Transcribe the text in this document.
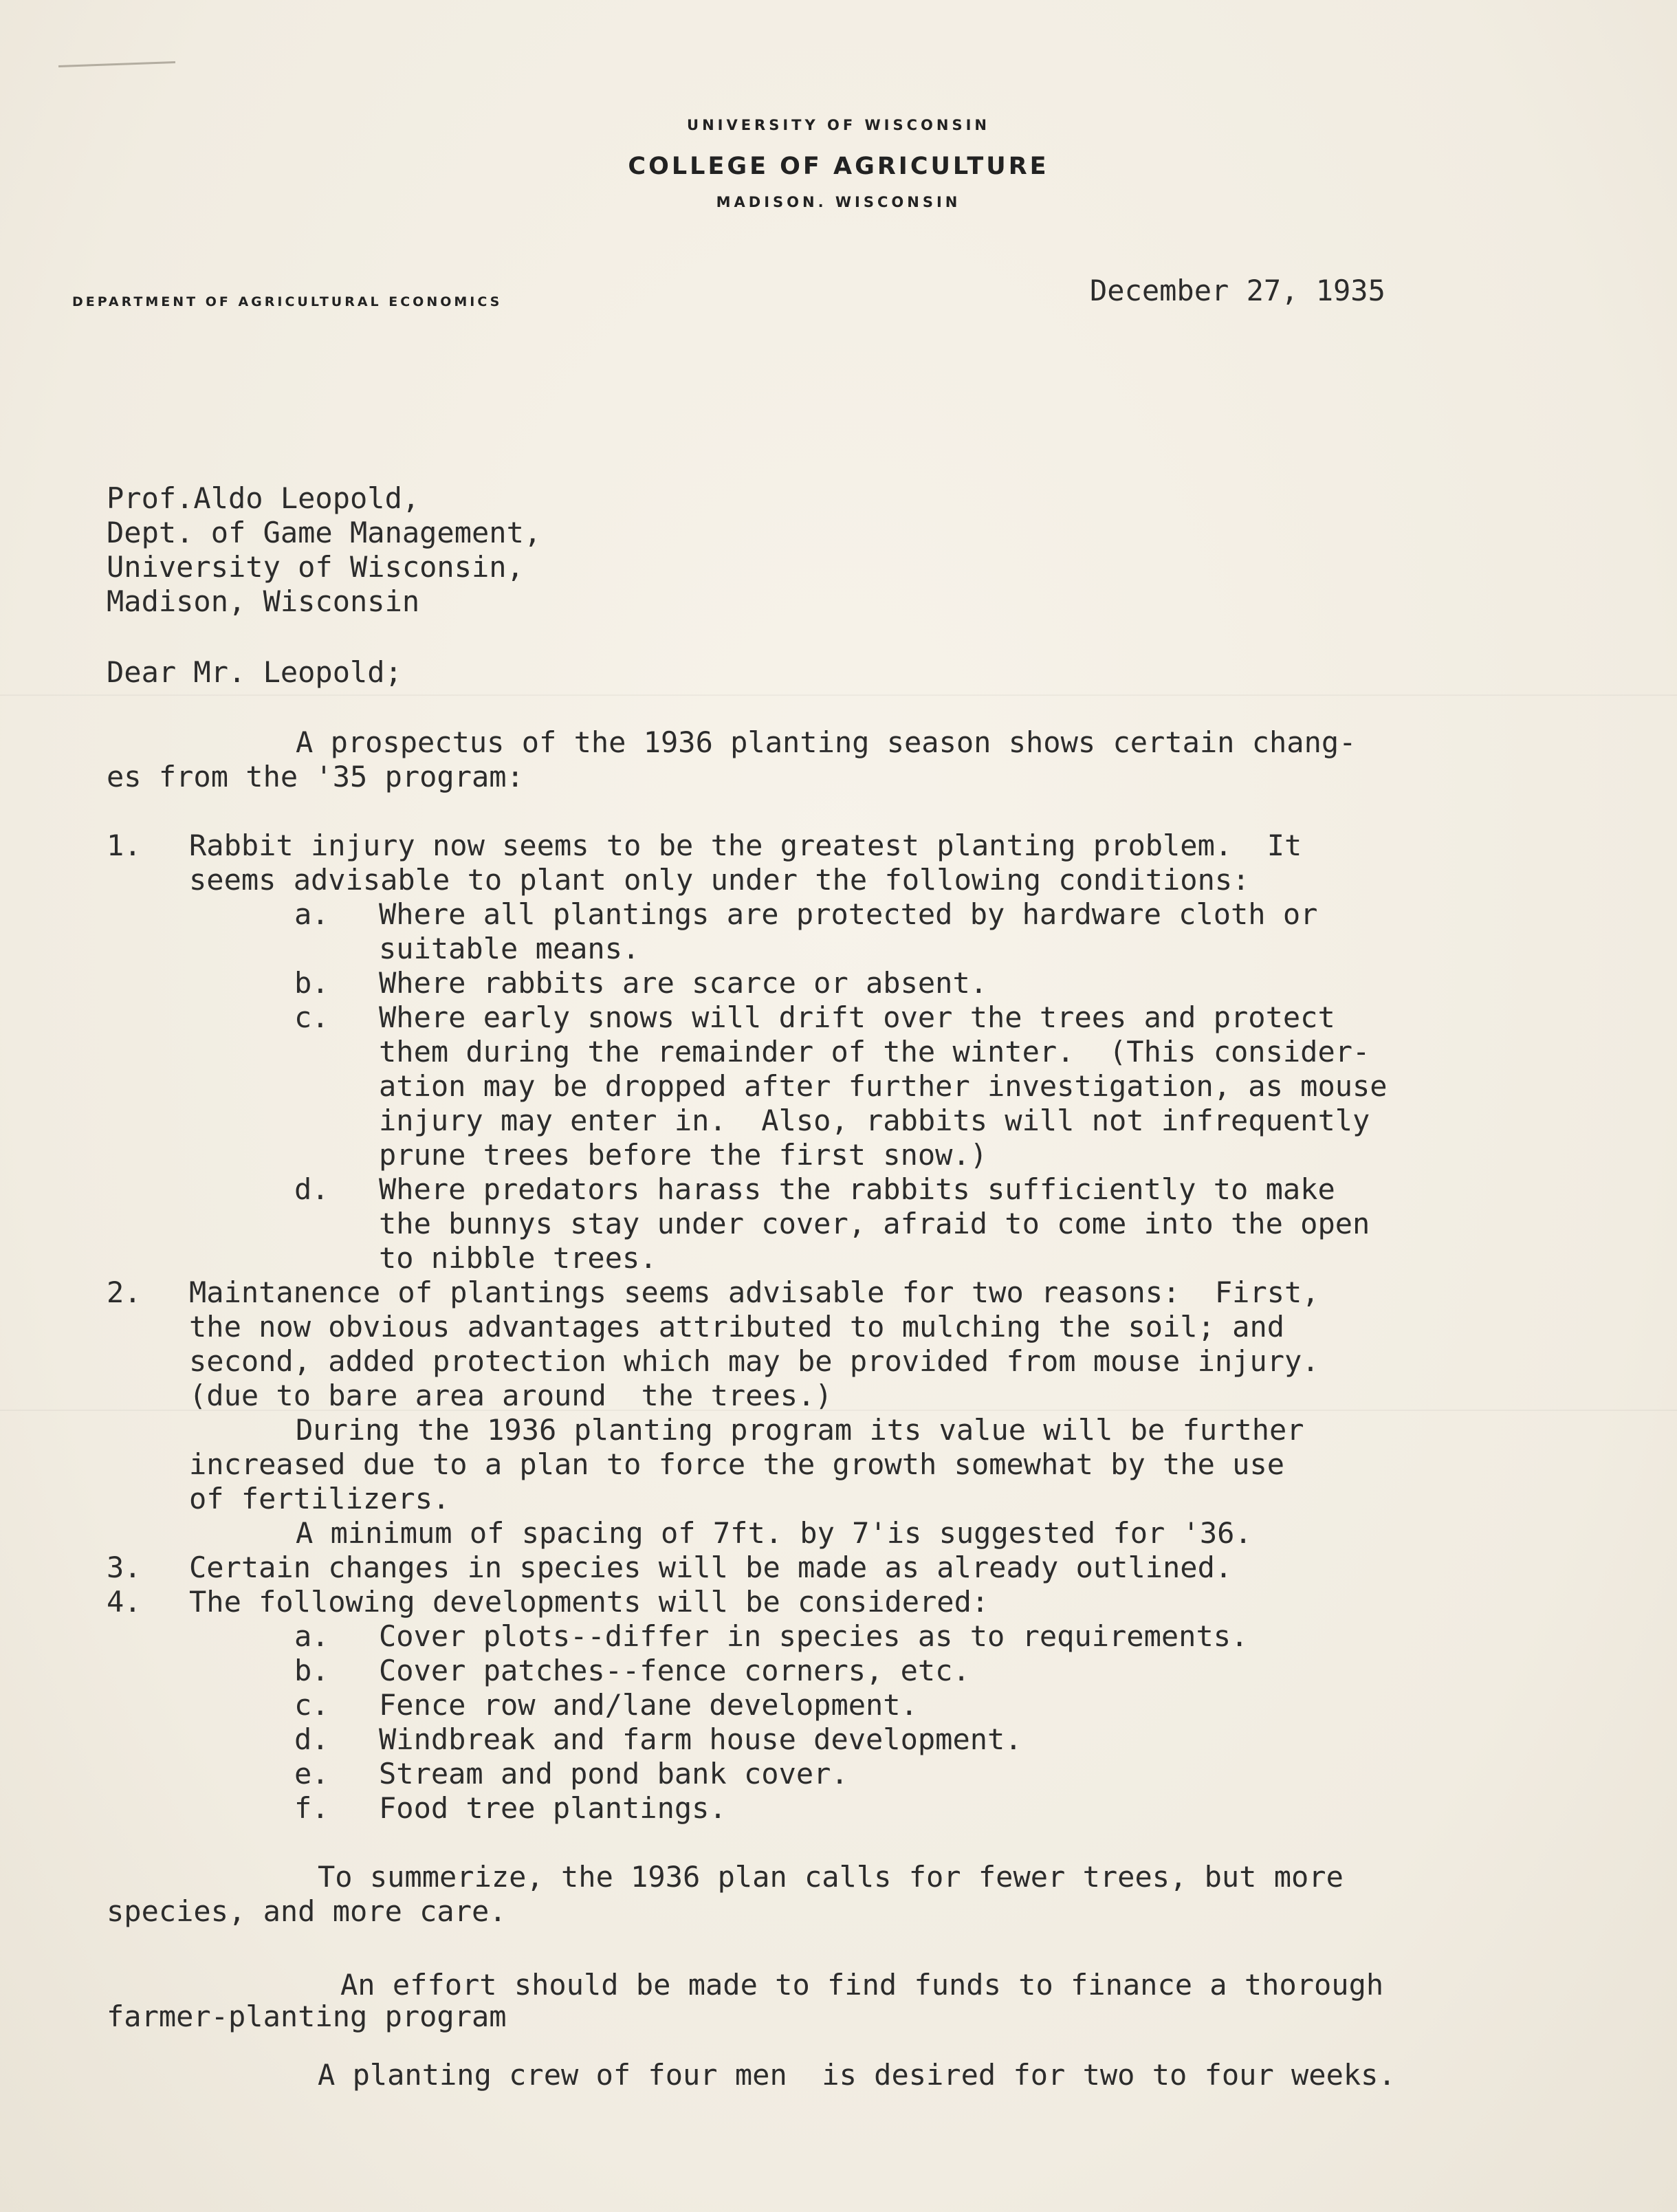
UNIVERSITY OF WISCONSIN
COLLEGE OF AGRICULTURE
MADISON. WISCONSIN
DEPARTMENT OF AGRICULTURAL ECONOMICS	December 27, 1935
Prof.Aldo Leopold,
Dept. of Game Management,
University of Wisconsin,
Madison, Wisconsin
Dear Mr. Leopold;
A prospectus of the 1936 planting season shows certain chang-
es from the '35 program:
1. Rabbit injury now seems to be the greatest planting problem.  It
seems advisable to plant only under the following conditions:
a. Where all plantings are protected by hardware cloth or
suitable means.
b. Where rabbits are scarce or absent.
c. Where early snows will drift over the trees and protect
them during the remainder of the winter.  (This consider-
ation may be dropped after further investigation, as mouse
injury may enter in.  Also, rabbits will not infrequently
prune trees before the first snow.)
d. Where predators harass the rabbits sufficiently to make
the bunnys stay under cover, afraid to come into the open
to nibble trees.
2. Maintanence of plantings seems advisable for two reasons:  First,
the now obvious advantages attributed to mulching the soil; and
second, added protection which may be provided from mouse injury.
(due to bare area around  the trees.)
During the 1936 planting program its value will be further
increased due to a plan to force the growth somewhat by the use
of fertilizers.
A minimum of spacing of 7ft. by 7'is suggested for '36.
3. Certain changes in species will be made as already outlined.
4. The following developments will be considered:
a. Cover plots--differ in species as to requirements.
b. Cover patches--fence corners, etc.
c. Fence row and/lane development.
d. Windbreak and farm house development.
e. Stream and pond bank cover.
f. Food tree plantings.
To summerize, the 1936 plan calls for fewer trees, but more
species, and more care.
An effort should be made to find funds to finance a thorough
farmer-planting program
A planting crew of four men  is desired for two to four weeks.
